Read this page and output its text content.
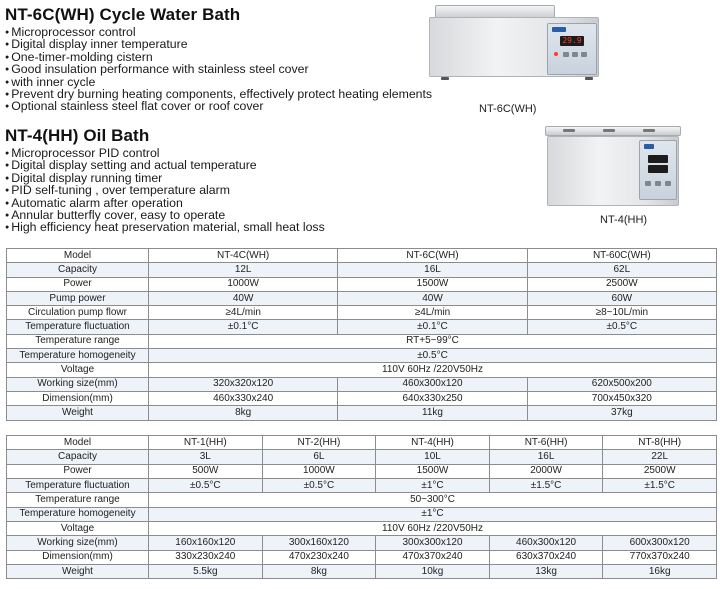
NT-6C(WH) Cycle Water Bath
● Microprocessor control
● Digital display inner temperature
● One-timer-molding cistern
● Good insulation performance with stainless steel cover
● with inner cycle
● Prevent dry burning heating components, effectively protect heating elements
● Optional stainless steel flat cover or roof cover
29.9
NT-6C(WH)
NT-4(HH) Oil Bath
● Microprocessor PID control
● Digital display setting and actual temperature
● Digital display running timer
● PID self-tuning , over temperature alarm
● Automatic alarm after operation
● Annular butterfly cover, easy to operate
● High efficiency heat preservation material, small heat loss
NT-4(HH)
Model	NT-4C(WH)	NT-6C(WH)	NT-60C(WH)
Capacity	12L	16L	62L
Power	1000W	1500W	2500W
Pump power	40W	40W	60W
Circulation pump flowr	≥4L/min	≥4L/min	≥8~10L/min
Temperature fluctuation	±0.1°C	±0.1°C	±0.5°C
Temperature range	RT+5~99°C		
Temperature homogeneity	±0.5°C		
Voltage	110V 60Hz /220V50Hz		
Working size(mm)	320x320x120	460x300x120	620x500x200
Dimension(mm)	460x330x240	640x330x250	700x450x320
Weight	8kg	11kg	37kg
Model	NT-1(HH)	NT-2(HH)	NT-4(HH)	NT-6(HH)	NT-8(HH)
Capacity	3L	6L	10L	16L	22L
Power	500W	1000W	1500W	2000W	2500W
Temperature fluctuation	±0.5°C	±0.5°C	±1°C	±1.5°C	±1.5°C
Temperature range	50~300°C				
Temperature homogeneity	±1°C				
Voltage	110V 60Hz /220V50Hz				
Working size(mm)	160x160x120	300x160x120	300x300x120	460x300x120	600x300x120
Dimension(mm)	330x230x240	470x230x240	470x370x240	630x370x240	770x370x240
Weight	5.5kg	8kg	10kg	13kg	16kg
